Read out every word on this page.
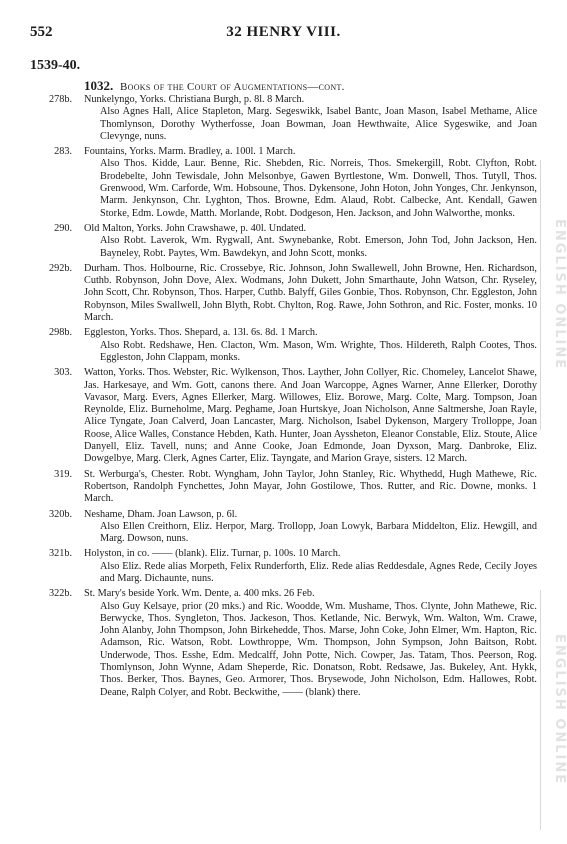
552	32 HENRY VIII.
1539-40.
1032. Books of the Court of Augmentations—cont.
278b. Nunkelyngo, Yorks. Christiana Burgh, p. 8l. 8 March.
Also Agnes Hall, Alice Stapleton, Marg. Segeswikk, Isabel Bantc, Joan Mason, Isabel Methame, Alice Thomlynson, Dorothy Wytherfosse, Joan Bowman, Joan Hewthwaite, Alice Sygeswike, and Joan Clevynge, nuns.
283. Fountains, Yorks. Marm. Bradley, a. 100l. 1 March.
Also Thos. Kidde, Laur. Benne, Ric. Shebden, Ric. Norreis, Thos. Smekergill, Robt. Clyfton, Robt. Brodebelte, John Tewisdale, John Melsonbye, Gawen Byrtlestone, Wm. Donwell, Thos. Tutyll, Thos. Grenwood, Wm. Carforde, Wm. Hobsoune, Thos. Dykensone, John Hoton, John Yonges, Chr. Jenkynson, Marm. Jenkynson, Chr. Lyghton, Thos. Browne, Edm. Alaud, Robt. Calbecke, Ant. Kendall, Gawen Storke, Edm. Lowde, Matth. Morlande, Robt. Dodgeson, Hen. Jackson, and John Walworthe, monks.
290. Old Malton, Yorks. John Crawshawe, p. 40l. Undated.
Also Robt. Laverok, Wm. Rygwall, Ant. Swynebanke, Robt. Emerson, John Tod, John Jackson, Hen. Bayneley, Robt. Paytes, Wm. Bawdekyn, and John Scott, monks.
292b. Durham. Thos. Holbourne, Ric. Crossebye, Ric. Johnson, John Swallewell, John Browne, Hen. Richardson, Cuthb. Robynson, John Dove, Alex. Wodmans, John Dukett, John Smarthaute, John Watson, Chr. Ryseley, John Scott, Chr. Robynson, Thos. Harper, Cuthb. Balyff, Giles Gonbie, Thos. Robynson, Chr. Eggleston, John Robynson, Miles Swallwell, John Blyth, Robt. Chylton, Rog. Rawe, John Sothron, and Ric. Foster, monks. 10 March.
298b. Eggleston, Yorks. Thos. Shepard, a. 13l. 6s. 8d. 1 March.
Also Robt. Redshawe, Hen. Clacton, Wm. Mason, Wm. Wrighte, Thos. Hildereth, Ralph Cootes, Thos. Eggleston, John Clappam, monks.
303. Watton, Yorks. Thos. Webster, Ric. Wylkenson, Thos. Layther, John Collyer, Ric. Chomeley, Lancelot Shawe, Jas. Harkesaye, and Wm. Gott, canons there. And Joan Warcoppe, Agnes Warner, Anne Ellerker, Dorothy Vavasor, Marg. Evers, Agnes Ellerker, Marg. Willowes, Eliz. Borowe, Marg. Colte, Marg. Tompson, Joan Reynolde, Eliz. Burneholme, Marg. Peghame, Joan Hurtskye, Joan Nicholson, Anne Saltmershe, Joan Rayle, Alice Tyngate, Joan Calverd, Joan Lancaster, Marg. Nicholson, Isabel Dykenson, Margery Trolloppe, Joan Roose, Alice Walles, Constance Hebden, Kath. Hunter, Joan Ayssheton, Eleanor Constable, Eliz. Stoute, Alice Danyell, Eliz. Tavell, nuns; and Anne Cooke, Joan Edmonde, Joan Dyxson, Marg. Danbroke, Eliz. Dowgelbye, Marg. Clerk, Agnes Carter, Eliz. Tayngate, and Marion Graye, sisters. 12 March.
319. St. Werburga's, Chester. Robt. Wyngham, John Taylor, John Stanley, Ric. Whythedd, Hugh Mathewe, Ric. Robertson, Randolph Fynchettes, John Mayar, John Gostilowe, Thos. Rutter, and Ric. Downe, monks. 1 March.
320b. Neshame, Dham. Joan Lawson, p. 6l.
Also Ellen Creithorn, Eliz. Herpor, Marg. Trollopp, Joan Lowyk, Barbara Middelton, Eliz. Hewgill, and Marg. Dowson, nuns.
321b. Holyston, in co. —— (blank). Eliz. Turnar, p. 100s. 10 March.
Also Eliz. Rede alias Morpeth, Felix Runderforth, Eliz. Rede alias Reddesdale, Agnes Rede, Cecily Joyes and Marg. Dichaunte, nuns.
322b. St. Mary's beside York. Wm. Dente, a. 400 mks. 26 Feb.
Also Guy Kelsaye, prior (20 mks.) and Ric. Woodde, Wm. Mushame, Thos. Clynte, John Mathewe, Ric. Berwycke, Thos. Syngleton, Thos. Jackeson, Thos. Ketlande, Nic. Berwyk, Wm. Walton, Wm. Crawe, John Alanby, John Thompson, John Birkehedde, Thos. Marse, John Coke, John Elmer, Wm. Hapton, Ric. Adamson, Ric. Watson, Robt. Lowthroppe, Wm. Thompson, John Sympson, John Baitson, Robt. Underwode, Thos. Esshe, Edm. Medcalff, John Potte, Nich. Cowper, Jas. Tatam, Thos. Peerson, Rog. Thomlynson, John Wynne, Adam Sheperde, Ric. Donatson, Robt. Redsawe, Jas. Bukeley, Ant. Hykk, Thos. Berker, Thos. Baynes, Geo. Armorer, Thos. Brysewode, John Nicholson, Edm. Hallowes, Robt. Deane, Ralph Colyer, and Robt. Beckwithe, —— (blank) there.
ENGLISH ONLINE
ENGLISH ONLINE
